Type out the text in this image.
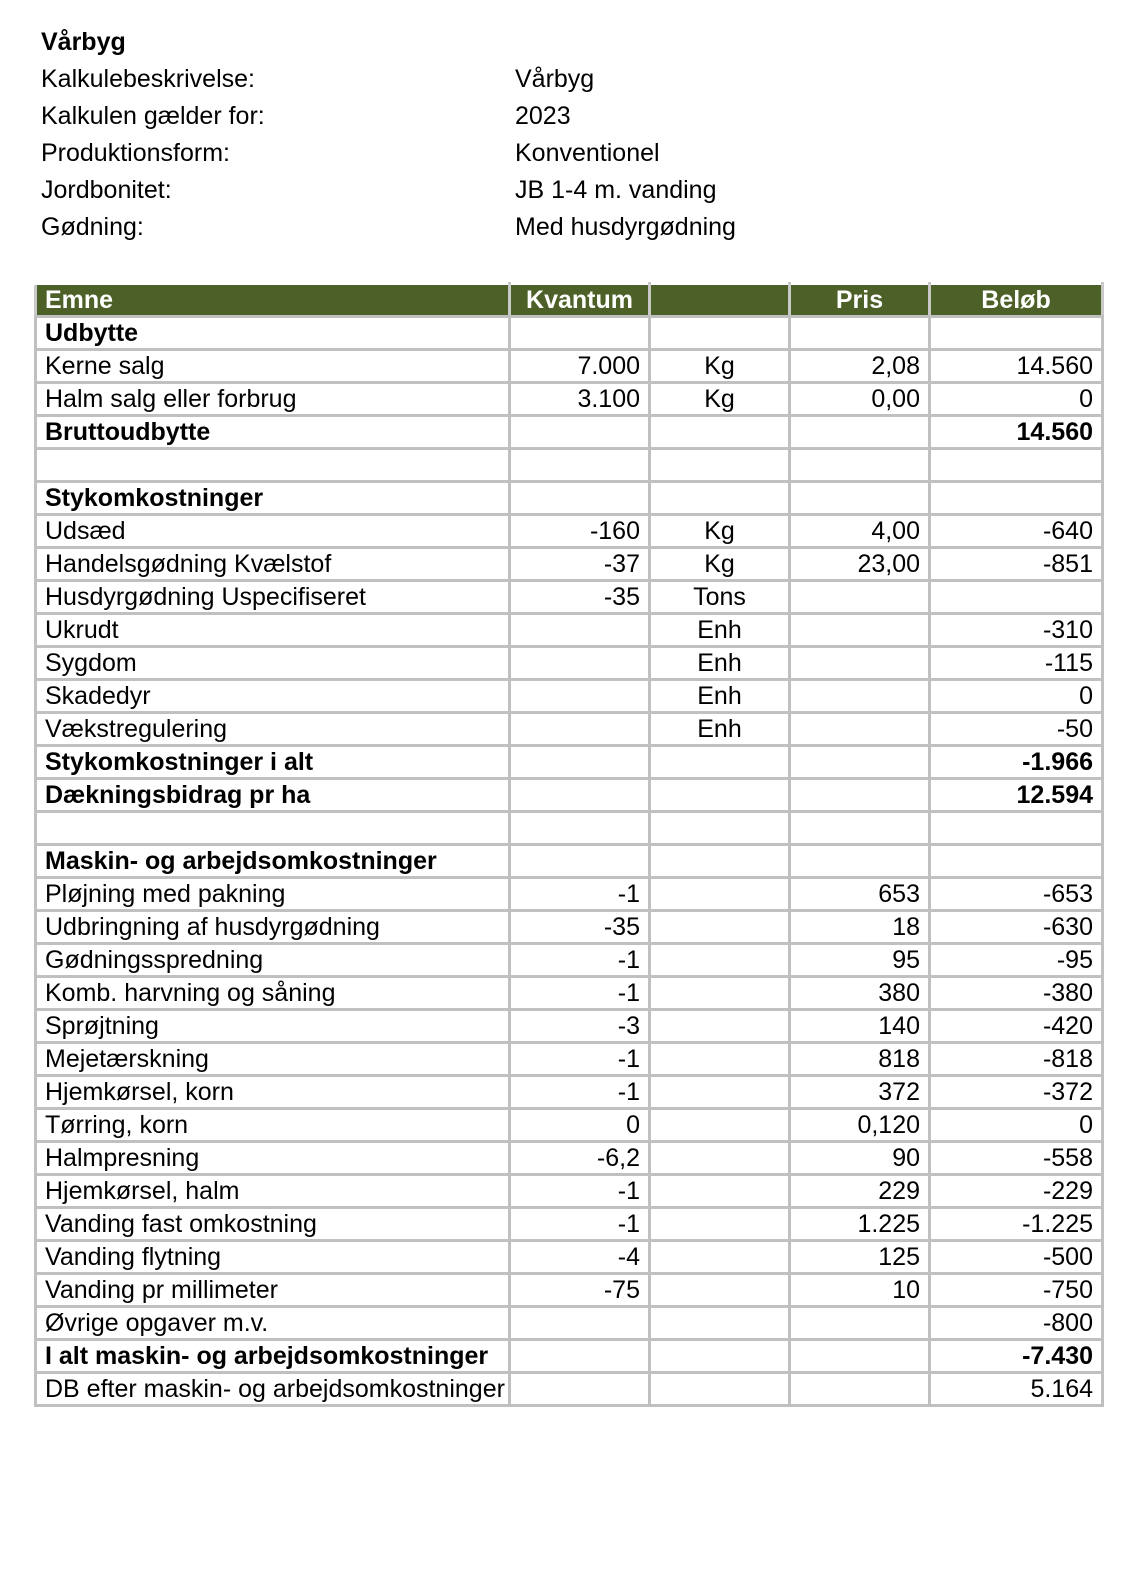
Vårbyg
Kalkulebeskrivelse:	Vårbyg
Kalkulen gælder for:	2023
Produktionsform:	Konventionel
Jordbonitet:	JB 1-4 m. vanding
Gødning:	Med husdyrgødning
Emne	Kvantum		Pris	Beløb
Udbytte				
Kerne salg	7.000	Kg	2,08	14.560
Halm salg eller forbrug	3.100	Kg	0,00	0
Bruttoudbytte				14.560

Stykomkostninger				
Udsæd	-160	Kg	4,00	-640
Handelsgødning Kvælstof	-37	Kg	23,00	-851
Husdyrgødning Uspecifiseret	-35	Tons		
Ukrudt		Enh		-310
Sygdom		Enh		-115
Skadedyr		Enh		0
Vækstregulering		Enh		-50
Stykomkostninger i alt				-1.966
Dækningsbidrag pr ha				12.594

Maskin- og arbejdsomkostninger				
Pløjning med pakning	-1		653	-653
Udbringning af husdyrgødning	-35		18	-630
Gødningsspredning	-1		95	-95
Komb. harvning og såning	-1		380	-380
Sprøjtning	-3		140	-420
Mejetærskning	-1		818	-818
Hjemkørsel, korn	-1		372	-372
Tørring, korn	0		0,120	0
Halmpresning	-6,2		90	-558
Hjemkørsel, halm	-1		229	-229
Vanding fast omkostning	-1		1.225	-1.225
Vanding flytning	-4		125	-500
Vanding pr millimeter	-75		10	-750
Øvrige opgaver m.v.				-800
I alt maskin- og arbejdsomkostninger				-7.430
DB efter maskin- og arbejdsomkostninger				5.164
